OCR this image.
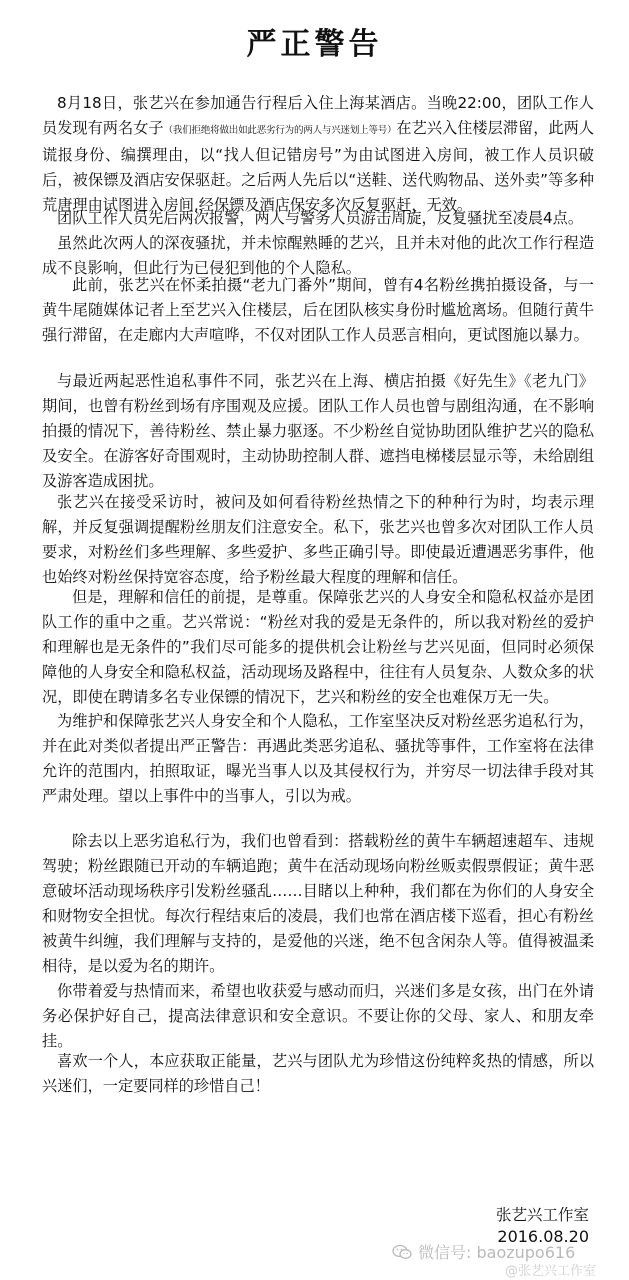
严正警告

8月18日，张艺兴在参加通告行程后入住上海某酒店。当晚22:00，团队工作人员发现有两名女子（我们拒绝将做出如此恶劣行为的两人与兴迷划上等号）在艺兴入住楼层滞留，此两人谎报身份、编撰理由，以“找人但记错房号”为由试图进入房间，被工作人员识破后，被保镖及酒店安保驱赶。之后两人先后以“送鞋、送代购物品、送外卖”等多种荒唐理由试图进入房间,经保镖及酒店保安多次反复驱赶，无效。

团队工作人员先后两次报警，两人与警务人员游击周旋，反复骚扰至凌晨4点。

虽然此次两人的深夜骚扰，并未惊醒熟睡的艺兴，且并未对他的此次工作行程造成不良影响，但此行为已侵犯到他的个人隐私。

此前，张艺兴在怀柔拍摄“老九门番外”期间，曾有4名粉丝携拍摄设备，与一黄牛尾随媒体记者上至艺兴入住楼层，后在团队核实身份时尴尬离场。但随行黄牛强行滞留，在走廊内大声喧哗，不仅对团队工作人员恶言相向，更试图施以暴力。

与最近两起恶性追私事件不同，张艺兴在上海、横店拍摄《好先生》《老九门》期间，也曾有粉丝到场有序围观及应援。团队工作人员也曾与剧组沟通，在不影响拍摄的情况下，善待粉丝、禁止暴力驱逐。不少粉丝自觉协助团队维护艺兴的隐私及安全。在游客好奇围观时，主动协助控制人群、遮挡电梯楼层显示等，未给剧组及游客造成困扰。

张艺兴在接受采访时，被问及如何看待粉丝热情之下的种种行为时，均表示理解，并反复强调提醒粉丝朋友们注意安全。私下，张艺兴也曾多次对团队工作人员要求，对粉丝们多些理解、多些爱护、多些正确引导。即使最近遭遇恶劣事件，他也始终对粉丝保持宽容态度，给予粉丝最大程度的理解和信任。

但是，理解和信任的前提，是尊重。保障张艺兴的人身安全和隐私权益亦是团队工作的重中之重。艺兴常说：“粉丝对我的爱是无条件的，所以我对粉丝的爱护和理解也是无条件的”我们尽可能多的提供机会让粉丝与艺兴见面，但同时必须保障他的人身安全和隐私权益，活动现场及路程中，往往有人员复杂、人数众多的状况，即使在聘请多名专业保镖的情况下，艺兴和粉丝的安全也难保万无一失。

为维护和保障张艺兴人身安全和个人隐私，工作室坚决反对粉丝恶劣追私行为，并在此对类似者提出严正警告：再遇此类恶劣追私、骚扰等事件，工作室将在法律允许的范围内，拍照取证，曝光当事人以及其侵权行为，并穷尽一切法律手段对其严肃处理。望以上事件中的当事人，引以为戒。

除去以上恶劣追私行为，我们也曾看到：搭载粉丝的黄牛车辆超速超车、违规驾驶；粉丝跟随已开动的车辆追跑；黄牛在活动现场向粉丝贩卖假票假证；黄牛恶意破坏活动现场秩序引发粉丝骚乱……目睹以上种种，我们都在为你们的人身安全和财物安全担忧。每次行程结束后的凌晨，我们也常在酒店楼下巡看，担心有粉丝被黄牛纠缠，我们理解与支持的，是爱他的兴迷，绝不包含闲杂人等。值得被温柔相待，是以爱为名的期许。

你带着爱与热情而来，希望也收获爱与感动而归，兴迷们多是女孩，出门在外请务必保护好自己，提高法律意识和安全意识。不要让你的父母、家人、和朋友牵挂。

喜欢一个人，本应获取正能量，艺兴与团队尤为珍惜这份纯粹炙热的情感，所以兴迷们，一定要同样的珍惜自己！

张艺兴工作室

2016.08.20

微信号: baozupo616
@张艺兴工作室
